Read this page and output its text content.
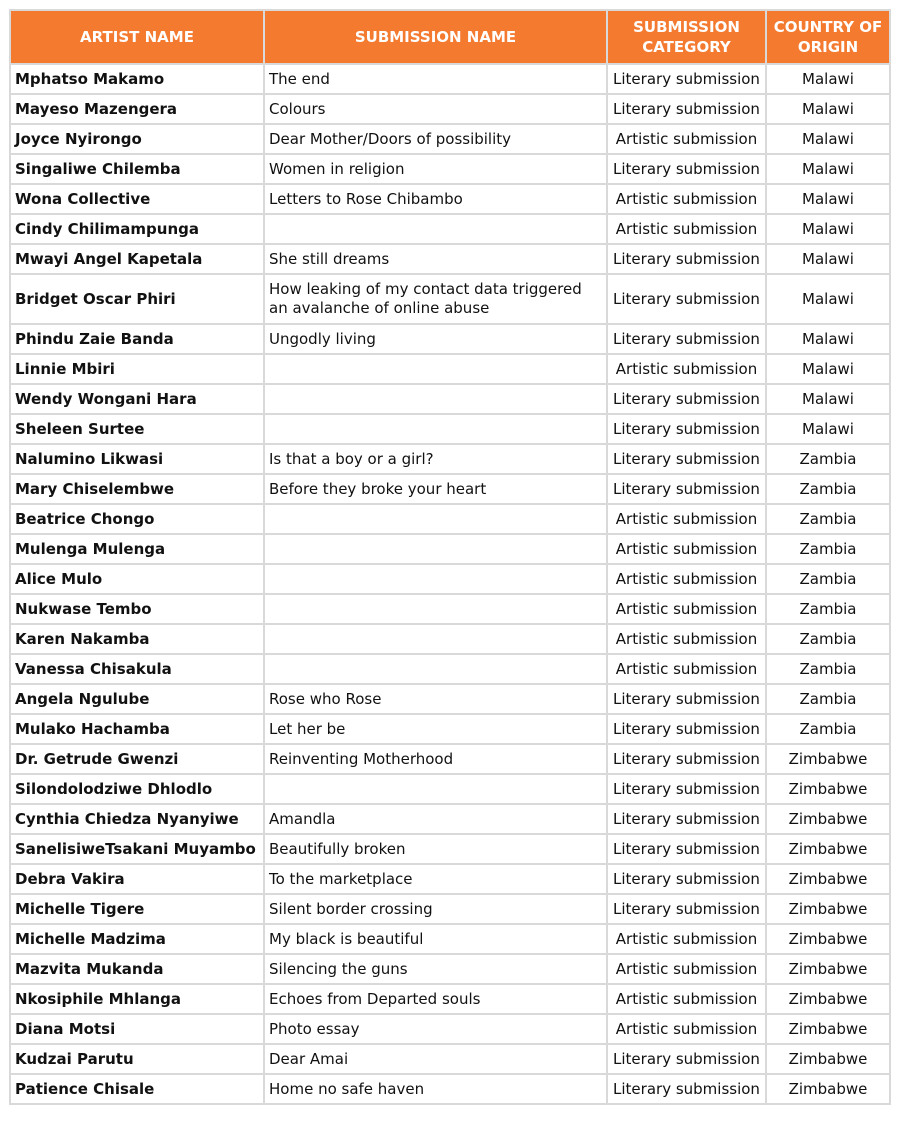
ARTIST NAME	SUBMISSION NAME	SUBMISSION CATEGORY	COUNTRY OF ORIGIN
Mphatso Makamo	The end	Literary submission	Malawi
Mayeso Mazengera	Colours	Literary submission	Malawi
Joyce Nyirongo	Dear Mother/Doors of possibility	Artistic submission	Malawi
Singaliwe Chilemba	Women in religion	Literary submission	Malawi
Wona Collective	Letters to Rose Chibambo	Artistic submission	Malawi
Cindy Chilimampunga		Artistic submission	Malawi
Mwayi Angel Kapetala	She still dreams	Literary submission	Malawi
Bridget Oscar Phiri	How leaking of my contact data triggered an avalanche of online abuse	Literary submission	Malawi
Phindu Zaie Banda	Ungodly living	Literary submission	Malawi
Linnie Mbiri		Artistic submission	Malawi
Wendy Wongani Hara		Literary submission	Malawi
Sheleen Surtee		Literary submission	Malawi
Nalumino Likwasi	Is that a boy or a girl?	Literary submission	Zambia
Mary Chiselembwe	Before they broke your heart	Literary submission	Zambia
Beatrice Chongo		Artistic submission	Zambia
Mulenga Mulenga		Artistic submission	Zambia
Alice Mulo		Artistic submission	Zambia
Nukwase Tembo		Artistic submission	Zambia
Karen Nakamba		Artistic submission	Zambia
Vanessa Chisakula		Artistic submission	Zambia
Angela Ngulube	Rose who Rose	Literary submission	Zambia
Mulako Hachamba	Let her be	Literary submission	Zambia
Dr. Getrude Gwenzi	Reinventing Motherhood	Literary submission	Zimbabwe
Silondolodziwe Dhlodlo		Literary submission	Zimbabwe
Cynthia Chiedza Nyanyiwe	Amandla	Literary submission	Zimbabwe
SanelisiweTsakani Muyambo	Beautifully broken	Literary submission	Zimbabwe
Debra Vakira	To the marketplace	Literary submission	Zimbabwe
Michelle Tigere	Silent border crossing	Literary submission	Zimbabwe
Michelle Madzima	My black is beautiful	Artistic submission	Zimbabwe
Mazvita Mukanda	Silencing the guns	Artistic submission	Zimbabwe
Nkosiphile Mhlanga	Echoes from Departed souls	Artistic submission	Zimbabwe
Diana Motsi	Photo essay	Artistic submission	Zimbabwe
Kudzai Parutu	Dear Amai	Literary submission	Zimbabwe
Patience Chisale	Home no safe haven	Literary submission	Zimbabwe
